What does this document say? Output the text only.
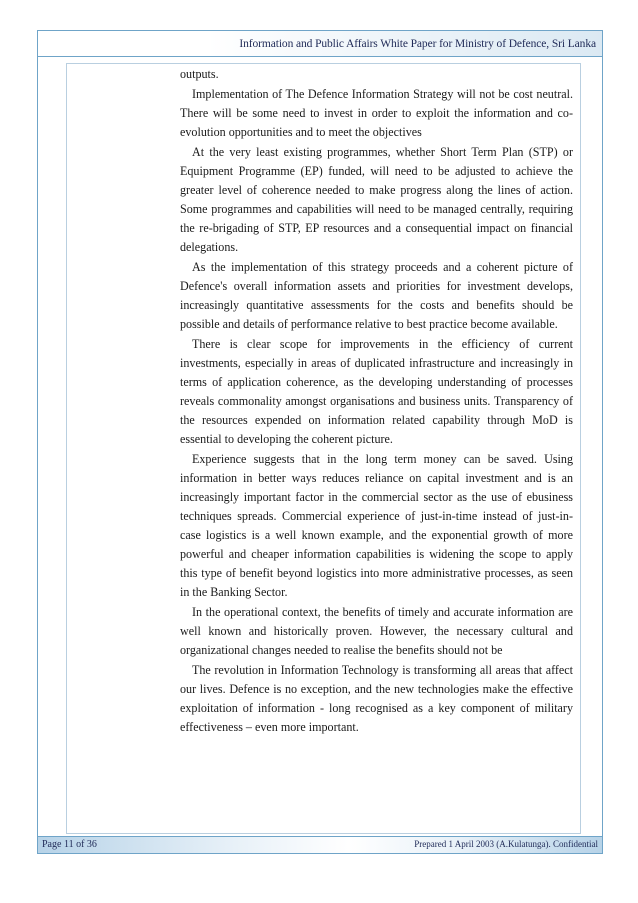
Information and Public Affairs White Paper for Ministry of Defence, Sri Lanka

outputs.

Implementation of The Defence Information Strategy will not be cost neutral. There will be some need to invest in order to exploit the information and co-evolution opportunities and to meet the objectives

At the very least existing programmes, whether Short Term Plan (STP) or Equipment Programme (EP) funded, will need to be adjusted to achieve the greater level of coherence needed to make progress along the lines of action. Some programmes and capabilities will need to be managed centrally, requiring the re-brigading of STP, EP resources and a consequential impact on financial delegations.

As the implementation of this strategy proceeds and a coherent picture of Defence's overall information assets and priorities for investment develops, increasingly quantitative assessments for the costs and benefits should be possible and details of performance relative to best practice become available.

There is clear scope for improvements in the efficiency of current investments, especially in areas of duplicated infrastructure and increasingly in terms of application coherence, as the developing understanding of processes reveals commonality amongst organisations and business units. Transparency of the resources expended on information related capability through MoD is essential to developing the coherent picture.

Experience suggests that in the long term money can be saved. Using information in better ways reduces reliance on capital investment and is an increasingly important factor in the commercial sector as the use of ebusiness techniques spreads. Commercial experience of just-in-time instead of just-in-case logistics is a well known example, and the exponential growth of more powerful and cheaper information capabilities is widening the scope to apply this type of benefit beyond logistics into more administrative processes, as seen in the Banking Sector.

In the operational context, the benefits of timely and accurate information are well known and historically proven. However, the necessary cultural and organizational changes needed to realise the benefits should not be

The revolution in Information Technology is transforming all areas that affect our lives. Defence is no exception, and the new technologies make the effective exploitation of information - long recognised as a key component of military effectiveness – even more important.

Page 11 of 36	Prepared 1 April 2003 (A.Kulatunga). Confidential
